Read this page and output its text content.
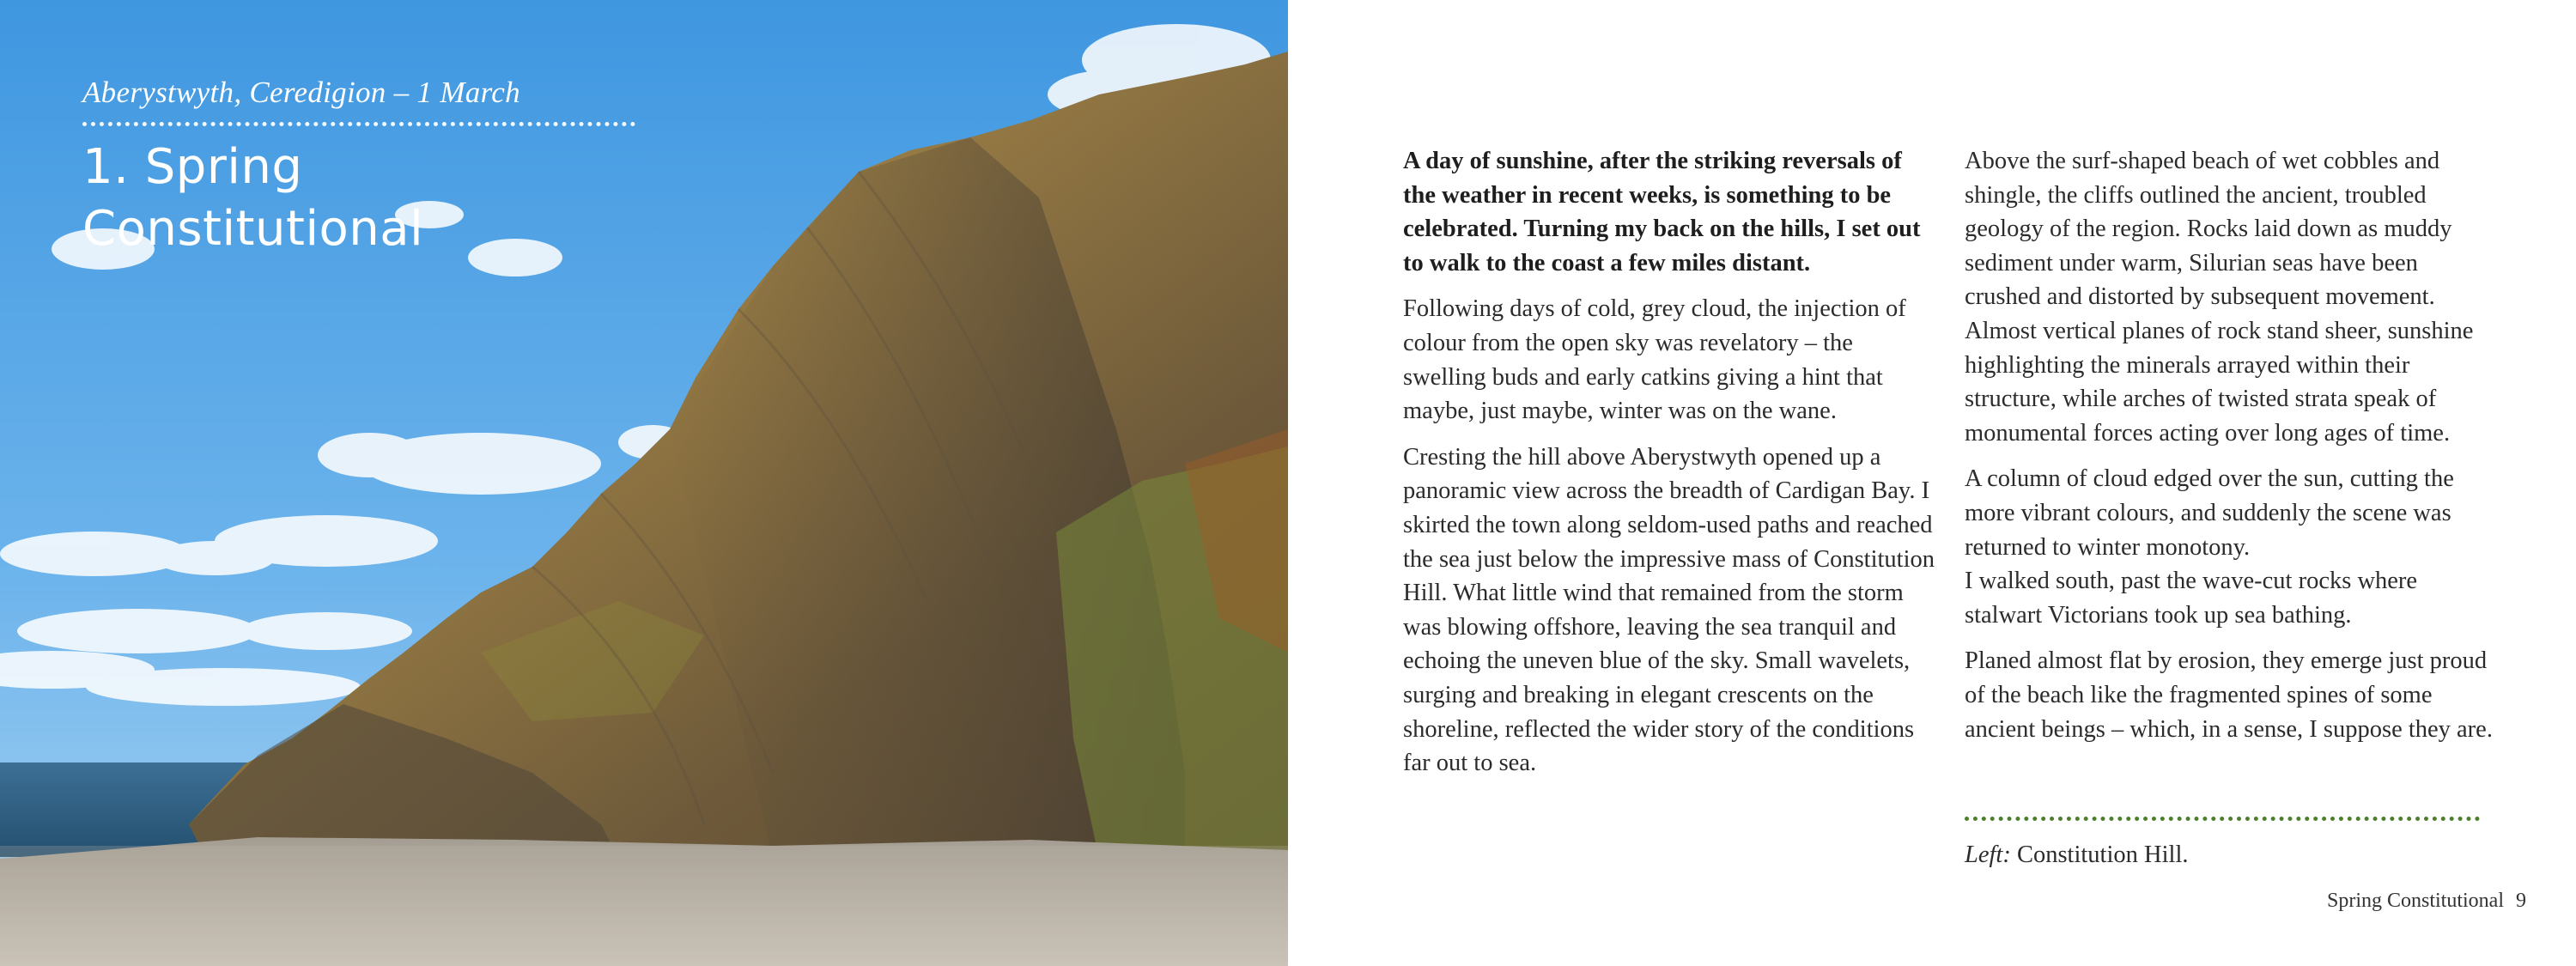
Aberystwyth, Ceredigion – 1 March
1. Spring Constitutional

A day of sunshine, after the striking reversals of the weather in recent weeks, is something to be celebrated. Turning my back on the hills, I set out to walk to the coast a few miles distant.

Following days of cold, grey cloud, the injection of colour from the open sky was revelatory – the swelling buds and early catkins giving a hint that maybe, just maybe, winter was on the wane.

Cresting the hill above Aberystwyth opened up a panoramic view across the breadth of Cardigan Bay. I skirted the town along seldom-used paths and reached the sea just below the impressive mass of Constitution Hill. What little wind that remained from the storm was blowing offshore, leaving the sea tranquil and echoing the uneven blue of the sky. Small wavelets, surging and breaking in elegant crescents on the shoreline, reflected the wider story of the conditions far out to sea.

Above the surf-shaped beach of wet cobbles and shingle, the cliffs outlined the ancient, troubled geology of the region. Rocks laid down as muddy sediment under warm, Silurian seas have been crushed and distorted by subsequent movement. Almost vertical planes of rock stand sheer, sunshine highlighting the minerals arrayed within their structure, while arches of twisted strata speak of monumental forces acting over long ages of time.

A column of cloud edged over the sun, cutting the more vibrant colours, and suddenly the scene was returned to winter monotony.

I walked south, past the wave-cut rocks where stalwart Victorians took up sea bathing.

Planed almost flat by erosion, they emerge just proud of the beach like the fragmented spines of some ancient beings – which, in a sense, I suppose they are.

Left: Constitution Hill.
Spring Constitutional 9
